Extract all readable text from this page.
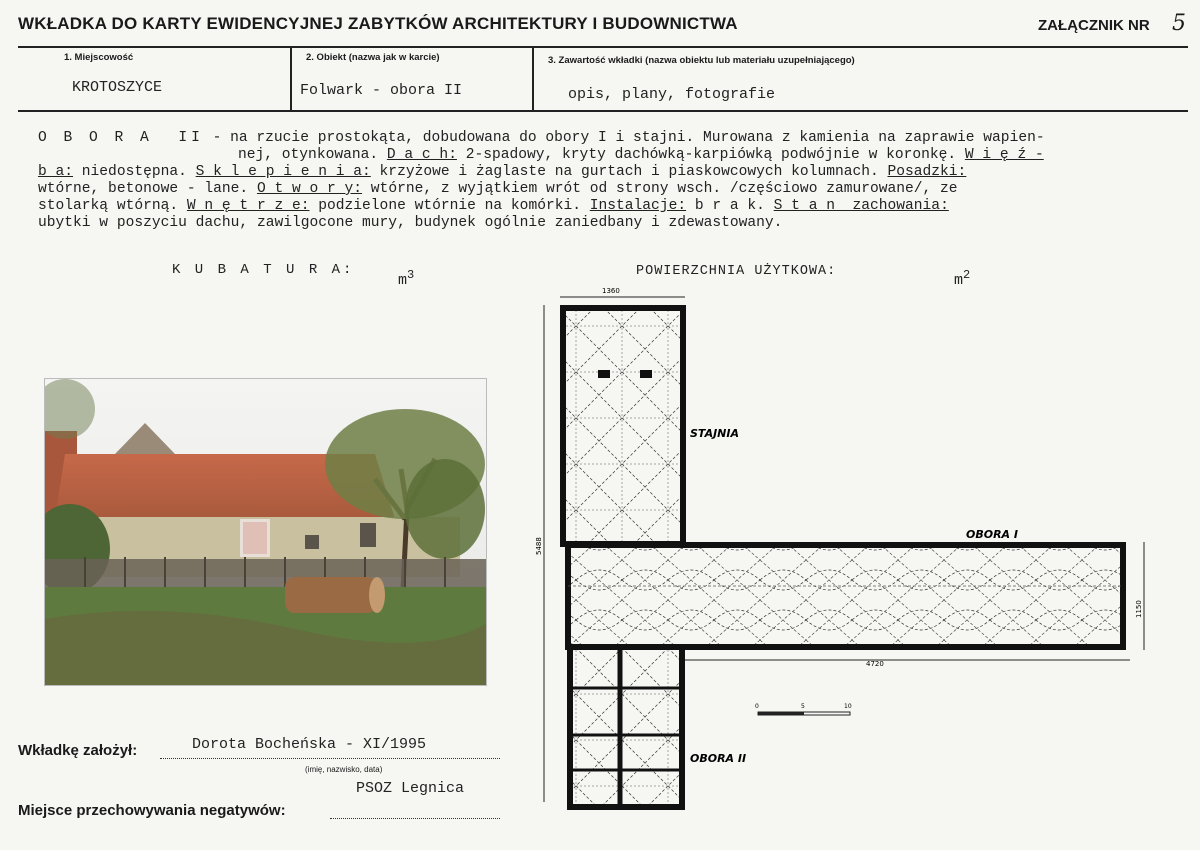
WKŁADKA DO KARTY EWIDENCYJNEJ ZABYTKÓW ARCHITEKTURY I BUDOWNICTWA	ZAŁĄCZNIK NR 5
1. Miejscowość
KROTOSZYCE
2. Obiekt (nazwa jak w karcie)
Folwark - obora II
3. Zawartość wkładki (nazwa obiektu lub materiału uzupełniającego)
opis, plany, fotografie
O B O R A  II - na rzucie prostokąta, dobudowana do obory I i stajni. Murowana z kamienia na zaprawie wapien-
nej, otynkowana. D a c h: 2-spadowy, kryty dachówką-karpiówką podwójnie w koronkę. W i ę ź -
b a: niedostępna. S k l e p i e n i a: krzyżowe i żaglaste na gurtach i piaskowcowych kolumnach. Posadzki:
wtórne, betonowe - lane. O t w o r y: wtórne, z wyjątkiem wrót od strony wsch. /częściowo zamurowane/, ze
stolarką wtórną. W n ę t r z e: podzielone wtórnie na komórki. Instalacje: b r a k. S t a n  zachowania:
ubytki w poszyciu dachu, zawilgocone mury, budynek ogólnie zaniedbany i zdewastowany.
K U B A T U R A:
$m^3$	POWIERZCHNIA UŻYTKOWA:
$m^2$
1360
5488
1150
4720
STAJNIA
OBORA I
OBORA II
0	5	10
Wkładkę założył:	Dorota Bocheńska - XI/1995
(imię, nazwisko, data)
PSOZ Legnica
Miejsce przechowywania negatywów:
